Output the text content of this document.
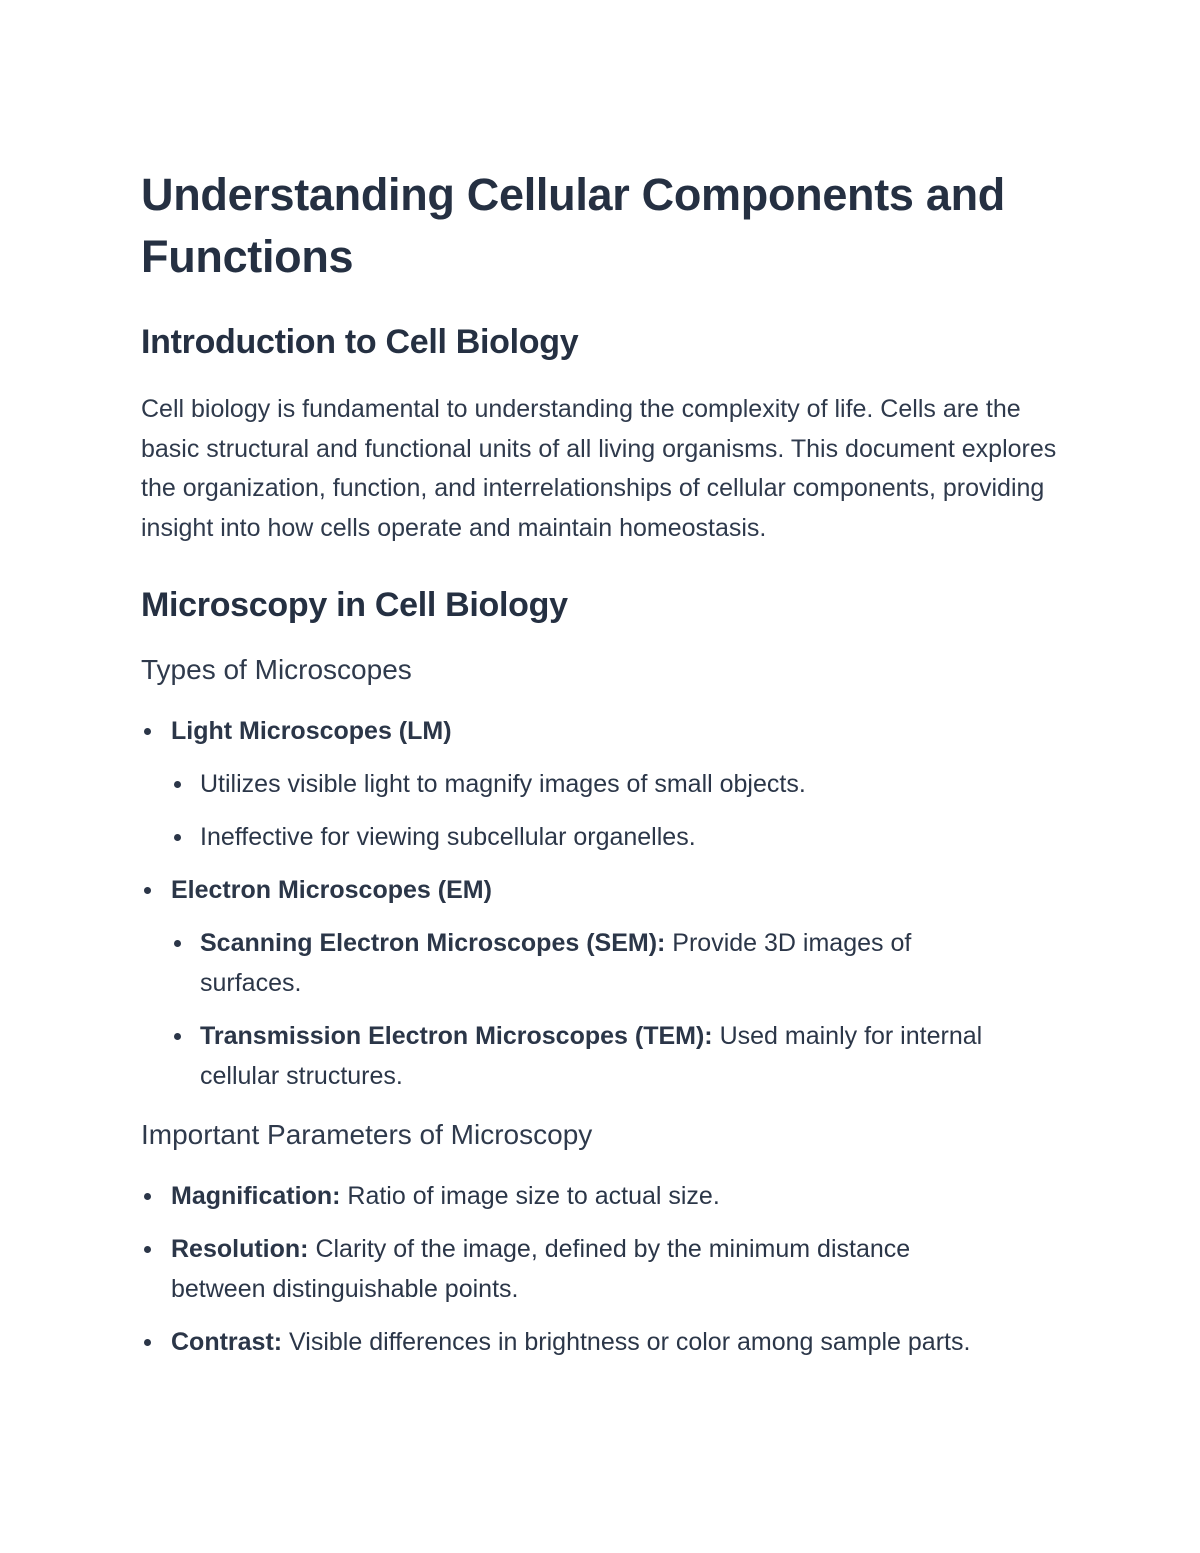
Understanding Cellular Components and Functions
Introduction to Cell Biology

Cell biology is fundamental to understanding the complexity of life. Cells are the basic structural and functional units of all living organisms. This document explores the organization, function, and interrelationships of cellular components, providing insight into how cells operate and maintain homeostasis.

Microscopy in Cell Biology
Types of Microscopes
Light Microscopes (LM)
Utilizes visible light to magnify images of small objects.
Ineffective for viewing subcellular organelles.
Electron Microscopes (EM)
Scanning Electron Microscopes (SEM): Provide 3D images of surfaces.
Transmission Electron Microscopes (TEM): Used mainly for internal cellular structures.
Important Parameters of Microscopy
Magnification: Ratio of image size to actual size.
Resolution: Clarity of the image, defined by the minimum distance between distinguishable points.
Contrast: Visible differences in brightness or color among sample parts.
